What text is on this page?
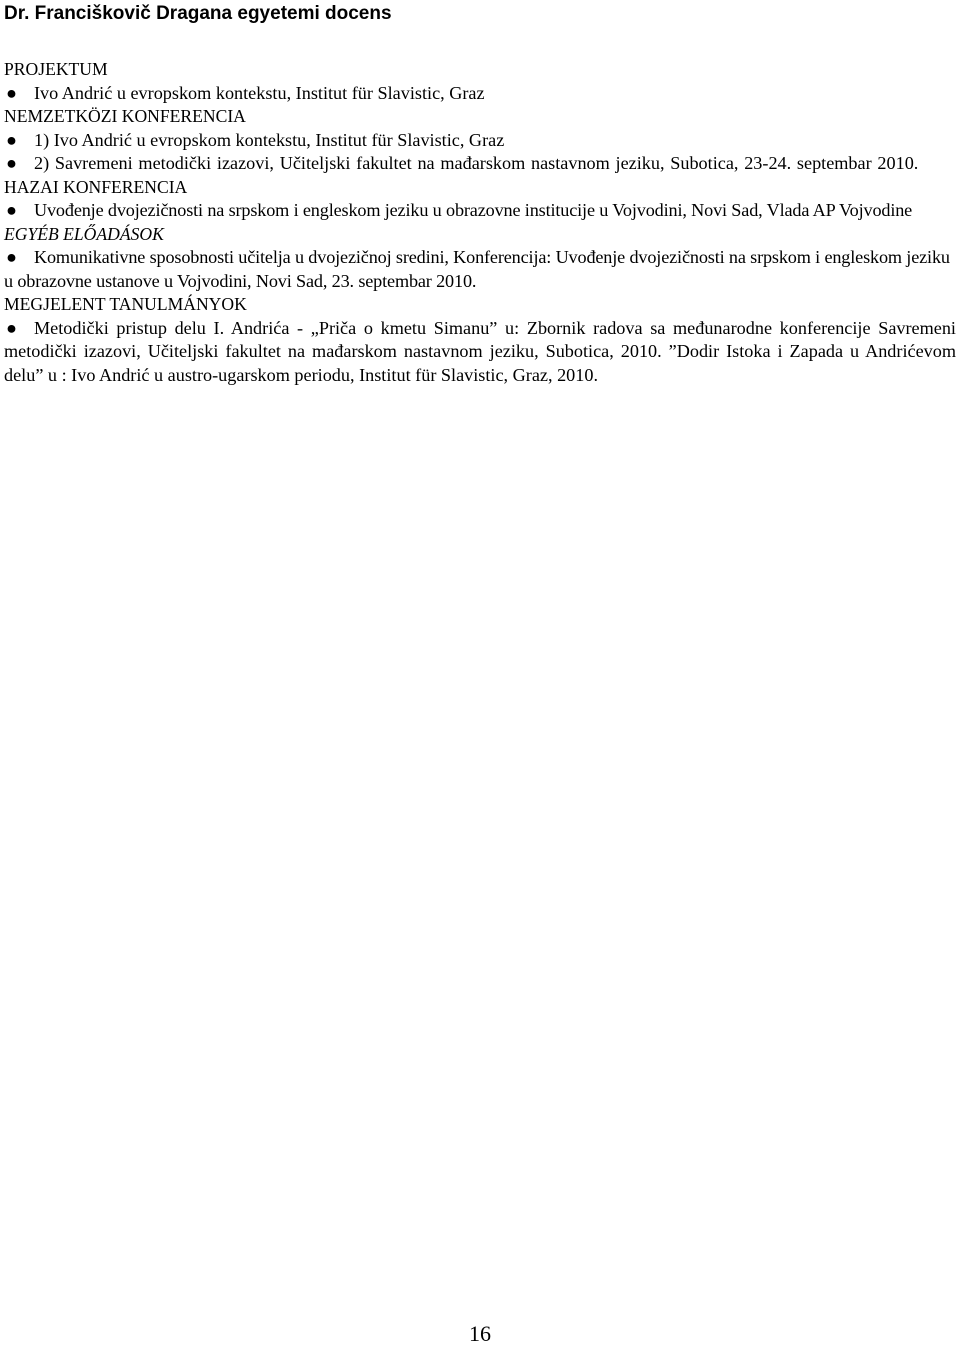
Dr. Franciškovič Dragana egyetemi docens

PROJEKTUM

● Ivo Andrić u evropskom kontekstu, Institut für Slavistic, Graz

NEMZETKÖZI KONFERENCIA

● 1) Ivo Andrić u evropskom kontekstu, Institut für Slavistic, Graz

● 2) Savremeni metodički izazovi, Učiteljski fakultet na mađarskom nastavnom jeziku, Subotica, 23-24. septembar 2010.

HAZAI KONFERENCIA

● Uvođenje dvojezičnosti na srpskom i engleskom jeziku u obrazovne institucije u Vojvodini, Novi Sad, Vlada AP Vojvodine

EGYÉB ELŐADÁSOK

● Komunikativne sposobnosti učitelja u dvojezičnoj sredini, Konferencija: Uvođenje dvojezičnosti na srpskom i engleskom jeziku u obrazovne ustanove u Vojvodini, Novi Sad, 23. septembar 2010.

MEGJELENT TANULMÁNYOK

● Metodički pristup delu I. Andrića - „Priča o kmetu Simanu” u: Zbornik radova sa međunarodne konferencije Savremeni metodički izazovi, Učiteljski fakultet na mađarskom nastavnom jeziku, Subotica, 2010. ”Dodir Istoka i Zapada u Andrićevom delu” u : Ivo Andrić u austro-ugarskom periodu, Institut für Slavistic, Graz, 2010.

16
